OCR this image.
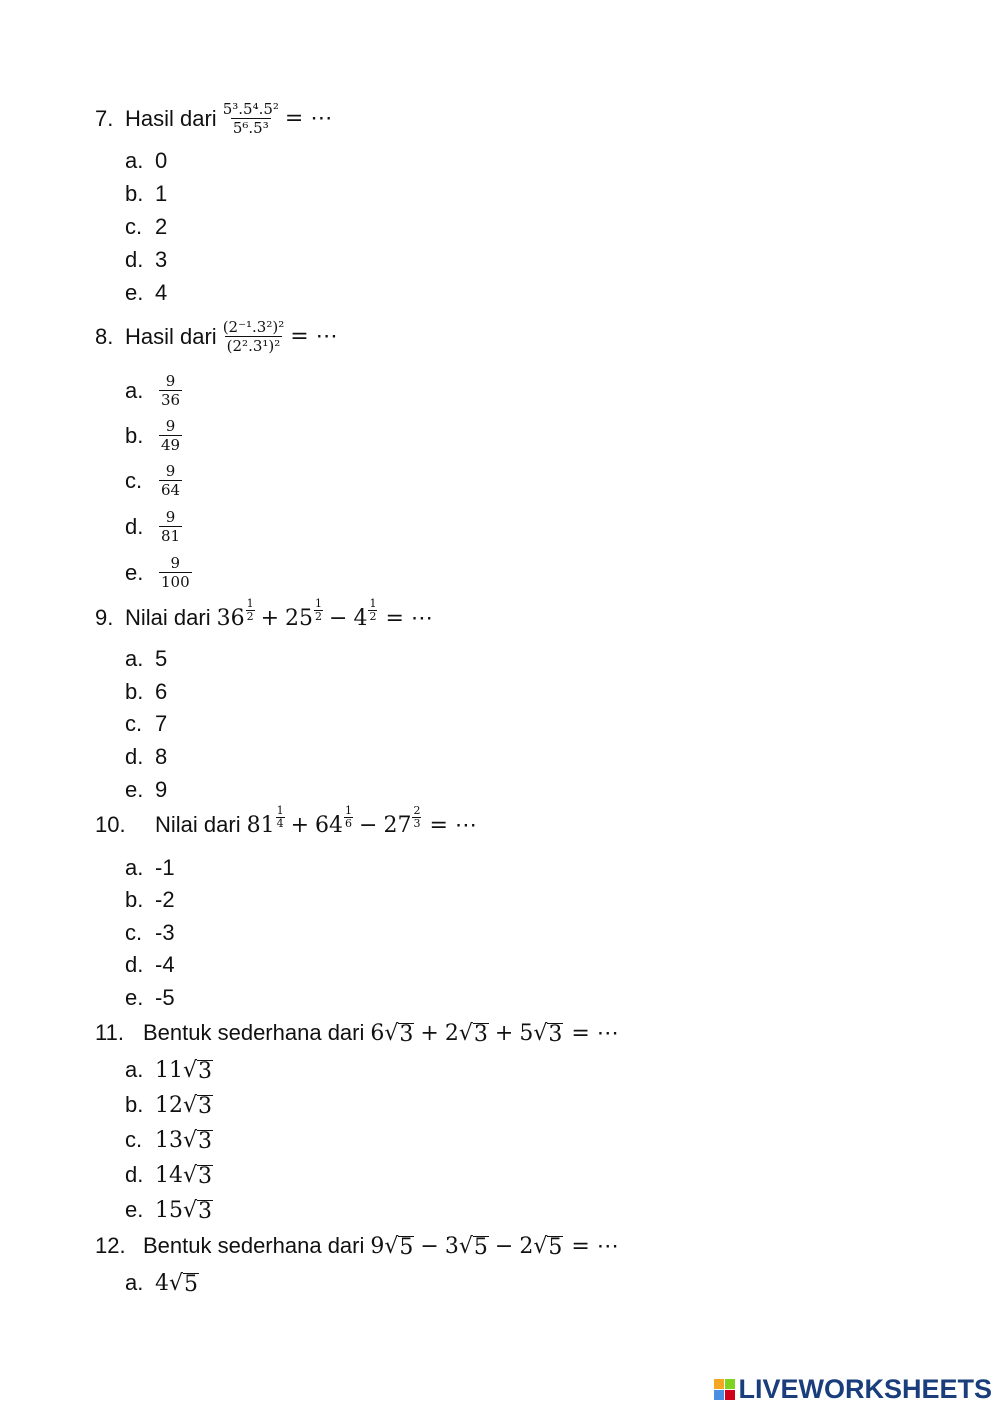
7. Hasil dari $\frac{\text{5³.5⁴.5²}}{\text{5⁶.5³}}$ = ⋯
a. 0
b. 1
c. 2
d. 3
e. 4
8. Hasil dari $\frac{\text{(2⁻¹.3²)²}}{\text{(2².3¹)²}}$ = ⋯
a.	$\frac{9}{36}$
b.	$\frac{9}{49}$
c.	$\frac{9}{64}$
d.	$\frac{9}{81}$
e.	$\frac{9}{100}$
9. Nilai dari $36 \frac{1}{2} + 25 \frac{1}{2} - 4 \frac{1}{2}$ = ⋯
a. 5
b. 6
c. 7
d. 8
e. 9
10.	Nilai dari $81 \frac{1}{4} + 64 \frac{1}{6} - 27 \frac{2}{3}$ = ⋯
a. -1
b. -2
c. -3
d. -4
e. -5
11. Bentuk sederhana dari 6 √ 3 + 2 √ 3 + 5 √ 3 = ⋯
a. 11 √ 3
b. 12 √ 3
c. 13 √ 3
d. 14 √ 3
e. 15 √ 3
12. Bentuk sederhana dari 9 √ 5 − 3 √ 5 − 2 √ 5 = ⋯
a. 4 √ 5
LIVEWORKSHEETS
